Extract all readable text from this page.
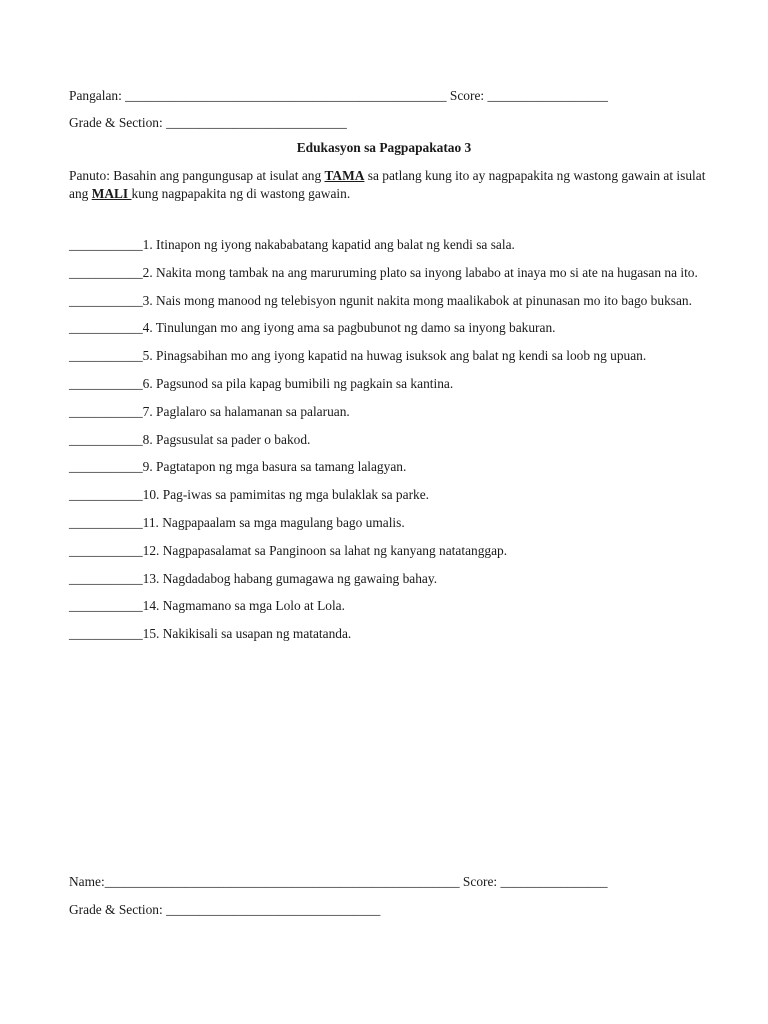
Pangalan: ________________________________________________ Score: __________________
Grade & Section: ___________________________
Edukasyon sa Pagpapakatao 3
Panuto: Basahin ang pangungusap at isulat ang TAMA sa patlang kung ito ay nagpapakita ng wastong gawain at isulat ang MALI kung nagpapakita ng di wastong gawain.
___________1. Itinapon ng iyong nakababatang kapatid ang balat ng kendi sa sala.
___________2. Nakita mong tambak na ang maruruming plato sa inyong lababo at inaya mo si ate na hugasan na ito.
___________3. Nais mong manood ng telebisyon ngunit nakita mong maalikabok at pinunasan mo ito bago buksan.
___________4. Tinulungan mo ang iyong ama sa pagbubunot ng damo sa inyong bakuran.
___________5. Pinagsabihan mo ang iyong kapatid na huwag isuksok ang balat ng kendi sa loob ng upuan.
___________6. Pagsunod sa pila kapag bumibili ng pagkain sa kantina.
___________7. Paglalaro sa halamanan sa palaruan.
___________8. Pagsusulat sa pader o bakod.
___________9. Pagtatapon ng mga basura sa tamang lalagyan.
___________10. Pag-iwas sa pamimitas ng mga bulaklak sa parke.
___________11. Nagpapaalam sa mga magulang bago umalis.
___________12. Nagpapasalamat sa Panginoon sa lahat ng kanyang natatanggap.
___________13. Nagdadabog habang gumagawa ng gawaing bahay.
___________14. Nagmamano sa mga Lolo at Lola.
___________15. Nakikisali sa usapan ng matatanda.
Name:_____________________________________________________ Score: ________________
Grade & Section: ________________________________
